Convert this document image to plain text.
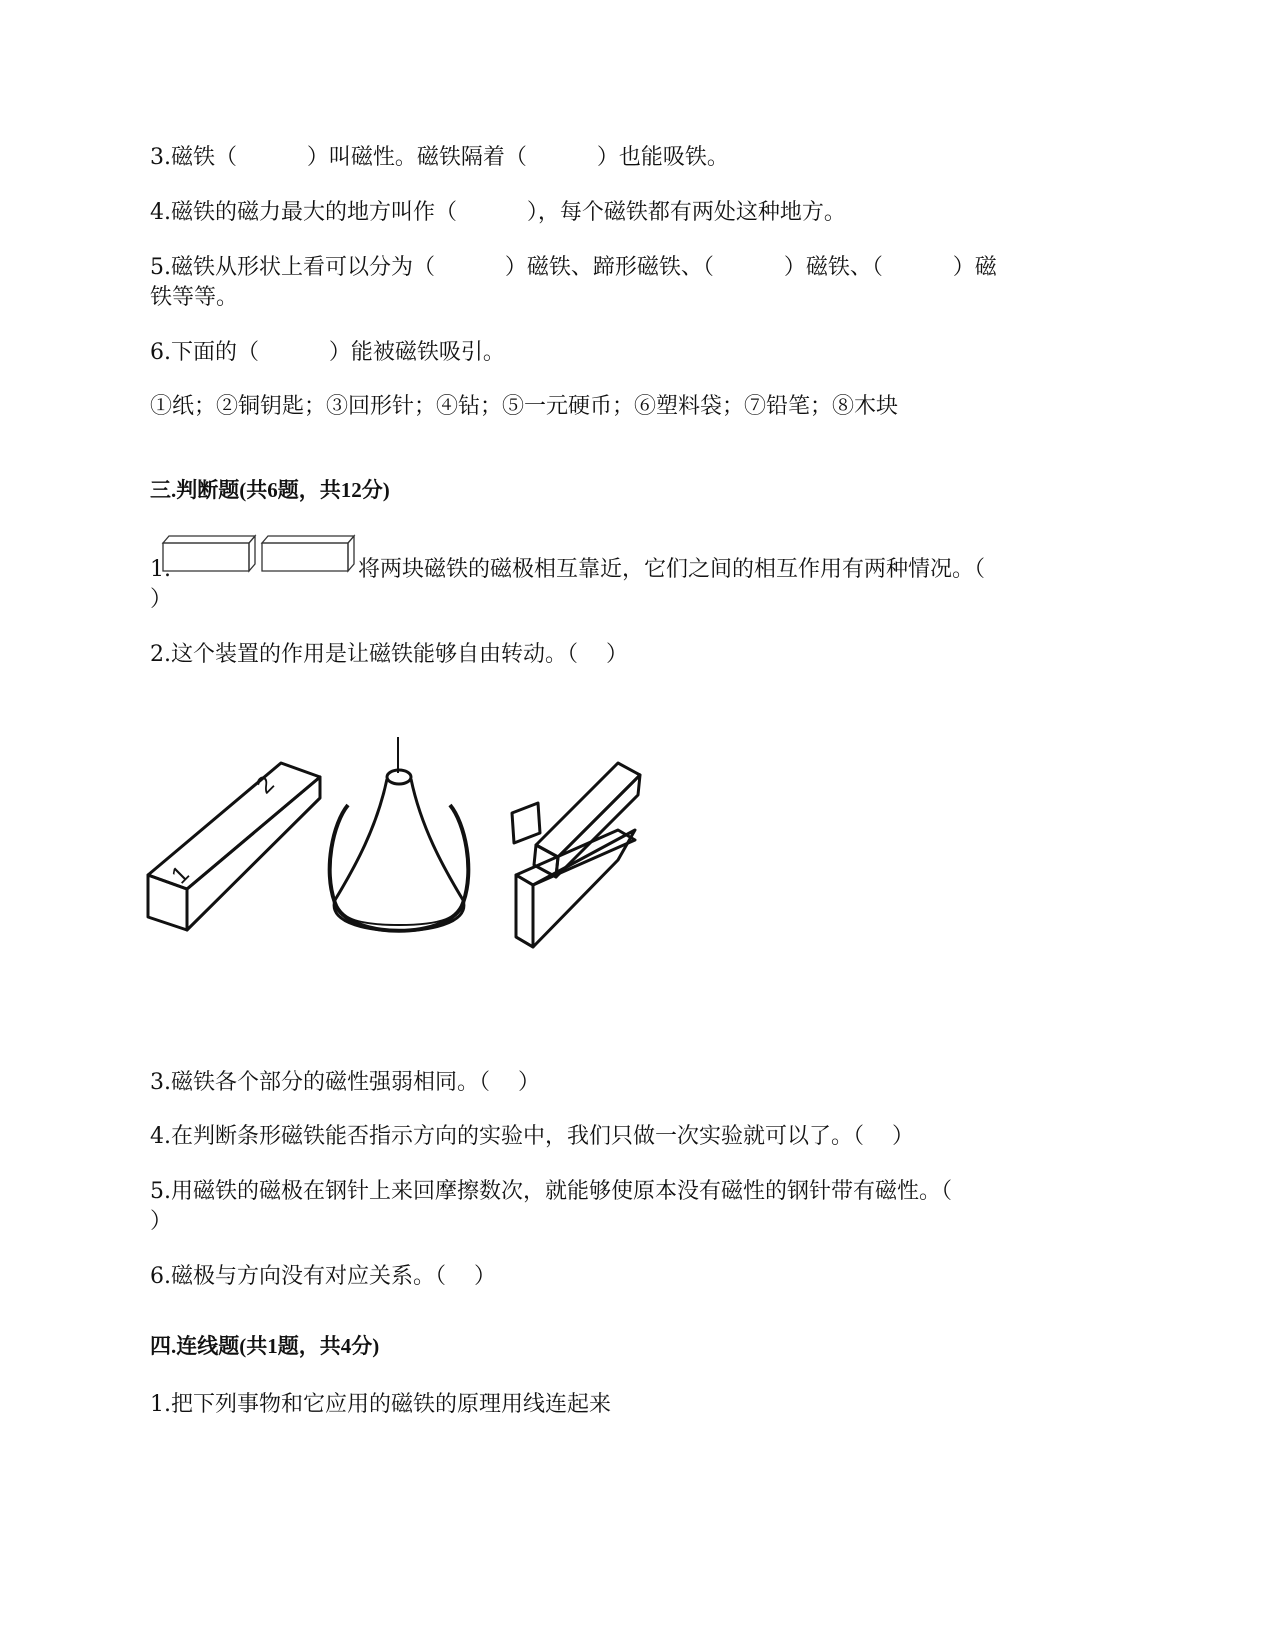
3.磁铁（          ）叫磁性。磁铁隔着（          ）也能吸铁。
4.磁铁的磁力最大的地方叫作（          ），每个磁铁都有两处这种地方。
5.磁铁从形状上看可以分为（          ）磁铁、蹄形磁铁、（          ）磁铁、（          ）磁
铁等等。
6.下面的（          ）能被磁铁吸引。
①纸；②铜钥匙；③回形针；④钻；⑤一元硬币；⑥塑料袋；⑦铅笔；⑧木块
三.判断题(共6题，共12分)
1.	将两块磁铁的磁极相互靠近，它们之间的相互作用有两种情况。（
）
2.这个装置的作用是让磁铁能够自由转动。（    ）
2
1
3.磁铁各个部分的磁性强弱相同。（    ）
4.在判断条形磁铁能否指示方向的实验中，我们只做一次实验就可以了。（    ）
5.用磁铁的磁极在钢针上来回摩擦数次，就能够使原本没有磁性的钢针带有磁性。（
）
6.磁极与方向没有对应关系。（    ）
四.连线题(共1题，共4分)
1.把下列事物和它应用的磁铁的原理用线连起来
